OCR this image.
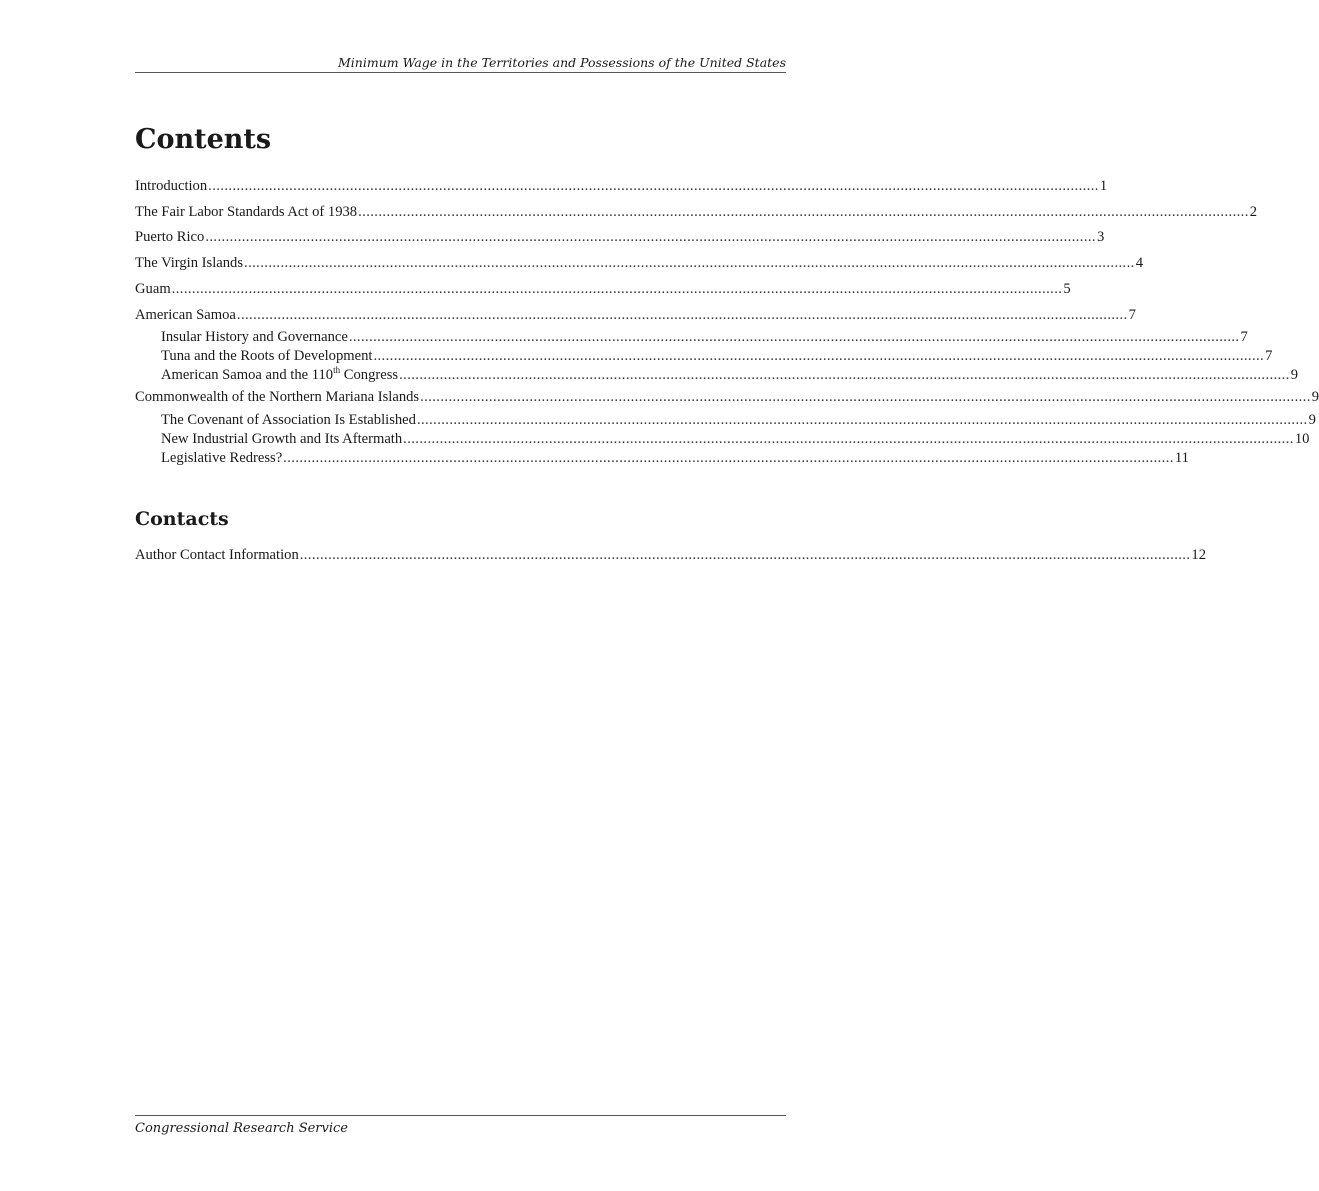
Minimum Wage in the Territories and Possessions of the United States
Contents
Introduction ............................................................................................................................................................................................................................ 1
The Fair Labor Standards Act of 1938 ............................................................................................................................................................................................................................ 2
Puerto Rico ............................................................................................................................................................................................................................ 3
The Virgin Islands ............................................................................................................................................................................................................................ 4
Guam ............................................................................................................................................................................................................................ 5
American Samoa ............................................................................................................................................................................................................................ 7
Insular History and Governance ............................................................................................................................................................................................................................ 7
Tuna and the Roots of Development ............................................................................................................................................................................................................................ 7
American Samoa and the 110th Congress ............................................................................................................................................................................................................................ 9
Commonwealth of the Northern Mariana Islands ............................................................................................................................................................................................................................ 9
The Covenant of Association Is Established ............................................................................................................................................................................................................................ 9
New Industrial Growth and Its Aftermath ............................................................................................................................................................................................................................ 10
Legislative Redress? ............................................................................................................................................................................................................................ 11
Contacts
Author Contact Information ............................................................................................................................................................................................................................ 12
Congressional Research Service
